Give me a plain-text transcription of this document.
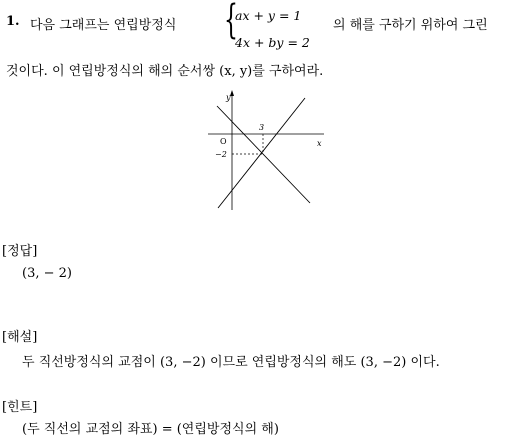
1. 다음 그래프는 연립방정식 {
ax + y = 1
4x + by = 2
의 해를 구하기 위하여 그린
것이다. 이 연립방정식의 해의 순서쌍 (x, y)를 구하여라.
y
x
O
3
−2
[정답]
(3, − 2)
[해설]
두 직선방정식의 교점이 (3, −2) 이므로 연립방정식의 해도 (3, −2) 이다.
[힌트]
(두 직선의 교점의 좌표) = (연립방정식의 해)
